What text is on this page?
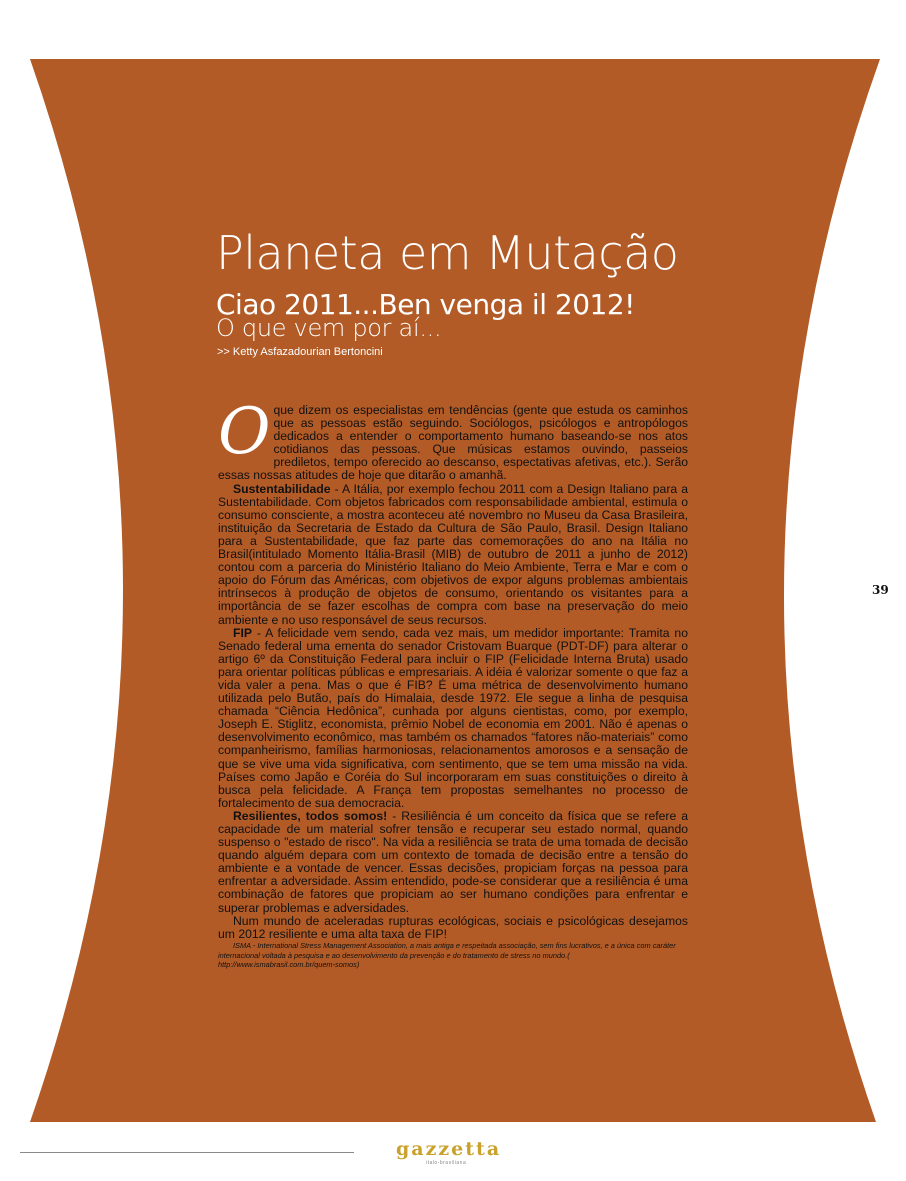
Planeta em Mutação
Ciao 2011...Ben venga il 2012!
O que vem por aí...
>> Ketty Asfazadourian Bertoncini

Oque dizem os especialistas em tendências (gente que estuda os caminhos que as pessoas estão seguindo. Sociólogos, psicólogos e antropólogos dedicados a entender o comportamento humano baseando-se nos atos cotidianos das pessoas. Que músicas estamos ouvindo, passeios prediletos, tempo oferecido ao descanso, espectativas afetivas, etc.). Serão essas nossas atitudes de hoje que ditarão o amanhã.

Sustentabilidade - A Itália, por exemplo fechou 2011 com a Design Italiano para a Sustentabilidade. Com objetos fabricados com responsabilidade ambiental, estimula o consumo consciente, a mostra aconteceu até novembro no Museu da Casa Brasileira, instituição da Secretaria de Estado da Cultura de São Paulo, Brasil. Design Italiano para a Sustentabilidade, que faz parte das comemorações do ano na Itália no Brasil(intitulado Momento Itália-Brasil (MIB) de outubro de 2011 a junho de 2012) contou com a parceria do Ministério Italiano do Meio Ambiente, Terra e Mar e com o apoio do Fórum das Américas, com objetivos de expor alguns problemas ambientais intrínsecos à produção de objetos de consumo, orientando os visitantes para a importância de se fazer escolhas de compra com base na preservação do meio ambiente e no uso responsável de seus recursos.

FIP - A felicidade vem sendo, cada vez mais, um medidor importante: Tramita no Senado federal uma ementa do senador Cristovam Buarque (PDT-DF) para alterar o artigo 6º da Constituição Federal para incluir o FIP (Felicidade Interna Bruta) usado para orientar políticas públicas e empresariais. A idéia é valorizar somente o que faz a vida valer a pena. Mas o que é FIB? É uma métrica de desenvolvimento humano utilizada pelo Butão, país do Himalaia, desde 1972. Ele segue a linha de pesquisa chamada “Ciência Hedônica”, cunhada por alguns cientistas, como, por exemplo, Joseph E. Stiglitz, economista, prêmio Nobel de economia em 2001. Não é apenas o desenvolvimento econômico, mas também os chamados “fatores não-materiais” como companheirismo, famílias harmoniosas, relacionamentos amorosos e a sensação de que se vive uma vida significativa, com sentimento, que se tem uma missão na vida. Países como Japão e Coréia do Sul incorporaram em suas constituições o direito à busca pela felicidade. A França tem propostas semelhantes no processo de fortalecimento de sua democracia.

Resilientes, todos somos! - Resiliência é um conceito da física que se refere a capacidade de um material sofrer tensão e recuperar seu estado normal, quando suspenso o "estado de risco". Na vida a resiliência se trata de uma tomada de decisão quando alguém depara com um contexto de tomada de decisão entre a tensão do ambiente e a vontade de vencer. Essas decisões, propiciam forças na pessoa para enfrentar a adversidade. Assim entendido, pode-se considerar que a resiliência é uma combinação de fatores que propiciam ao ser humano condições para enfrentar e superar problemas e adversidades.

Num mundo de aceleradas rupturas ecológicas, sociais e psicológicas desejamos um 2012 resiliente e uma alta taxa de FIP!

ISMA - International Stress Management Association, a mais antiga e respeitada associação, sem fins lucrativos, e a única com caráter internacional voltada à pesquisa e ao desenvolvimento da prevenção e do tratamento de stress no mundo.( http://www.ismabrasil.com.br/quem-somos)

39
gazzetta
italo-brasiliana
